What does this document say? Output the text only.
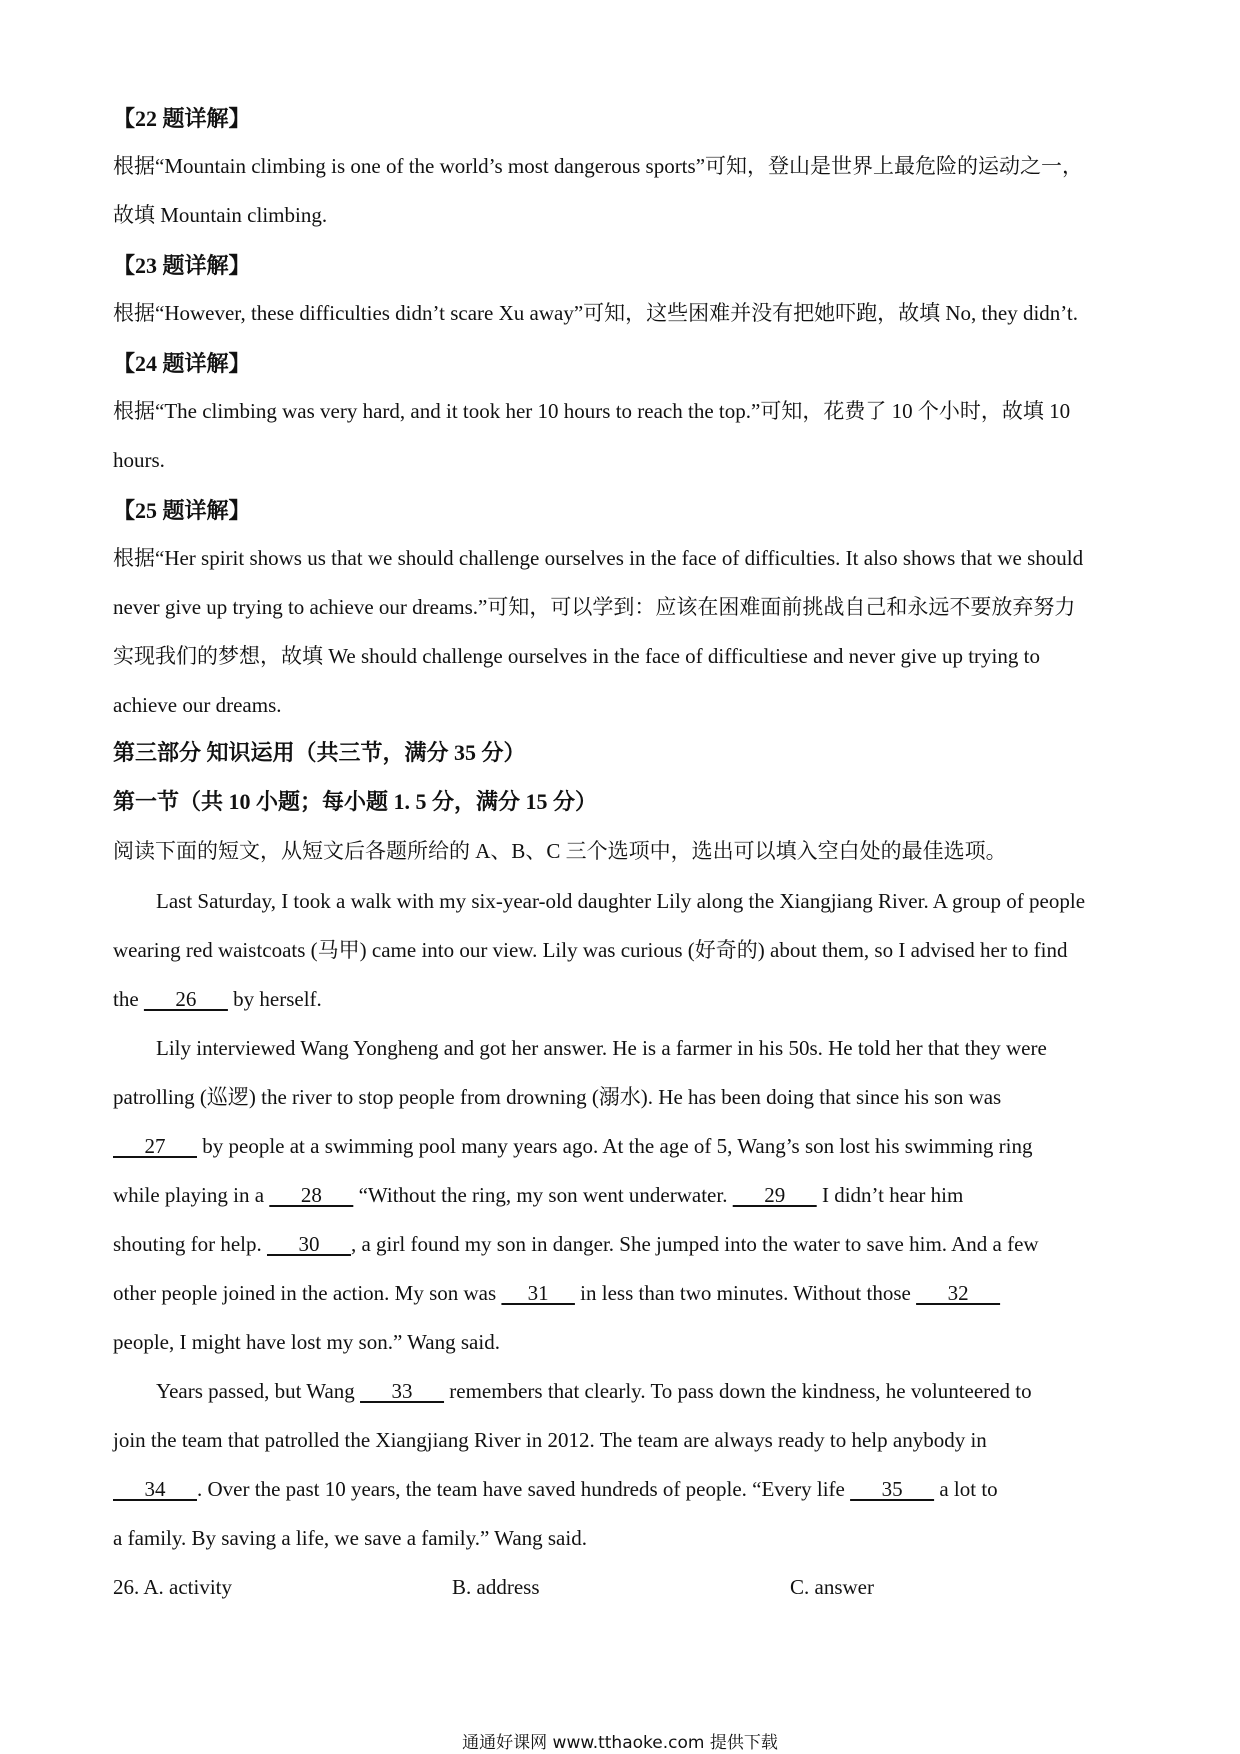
【22 题详解】
根据“Mountain climbing is one of the world’s most dangerous sports”可知，登山是世界上最危险的运动之一，
故填 Mountain climbing.
【23 题详解】
根据“However, these difficulties didn’t scare Xu away”可知，这些困难并没有把她吓跑，故填 No, they didn’t.
【24 题详解】
根据“The climbing was very hard, and it took her 10 hours to reach the top.”可知，花费了 10 个小时，故填 10
hours.
【25 题详解】
根据“Her spirit shows us that we should challenge ourselves in the face of difficulties. It also shows that we should
never give up trying to achieve our dreams.”可知，可以学到：应该在困难面前挑战自己和永远不要放弃努力
实现我们的梦想，故填 We should challenge ourselves in the face of difficultiese and never give up trying to
achieve our dreams.
第三部分 知识运用（共三节，满分 35 分）
第一节（共 10 小题；每小题 1. 5 分，满分 15 分）
阅读下面的短文，从短文后各题所给的 A、B、C 三个选项中，选出可以填入空白处的最佳选项。
Last Saturday, I took a walk with my six-year-old daughter Lily along the Xiangjiang River. A group of people
wearing red waistcoats (马甲) came into our view. Lily was curious (好奇的) about them, so I advised her to find
the       26       by herself.
Lily interviewed Wang Yongheng and got her answer. He is a farmer in his 50s. He told her that they were
patrolling (巡逻) the river to stop people from drowning (溺水). He has been doing that since his son was
27       by people at a swimming pool many years ago. At the age of 5, Wang’s son lost his swimming ring
while playing in a       28       “Without the ring, my son went underwater.       29       I didn’t hear him
shouting for help.       30      , a girl found my son in danger. She jumped into the water to save him. And a few
other people joined in the action. My son was      31      in less than two minutes. Without those       32
people, I might have lost my son.” Wang said.
Years passed, but Wang       33       remembers that clearly. To pass down the kindness, he volunteered to
join the team that patrolled the Xiangjiang River in 2012. The team are always ready to help anybody in
34      . Over the past 10 years, the team have saved hundreds of people. “Every life       35       a lot to
a family. By saving a life, we save a family.” Wang said.
26. A. activity	B. address	C. answer
通通好课网 www.tthaoke.com 提供下载
